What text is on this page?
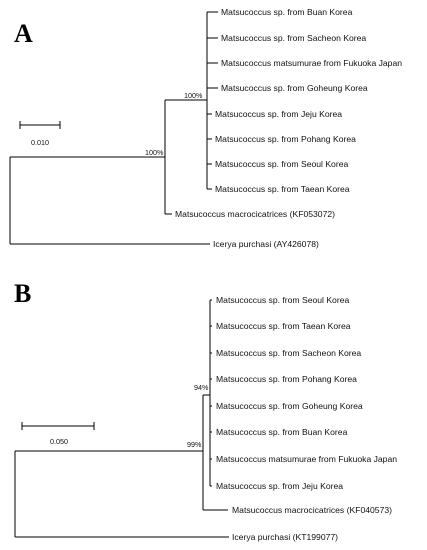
A
0.010
100%
100%
Matsucoccus sp. from Buan Korea
Matsucoccus sp. from Sacheon Korea
Matsucoccus matsumurae from Fukuoka Japan
Matsucoccus sp. from Goheung Korea
Matsucoccus sp. from Jeju Korea
Matsucoccus sp. from Pohang Korea
Matsucoccus sp. from Seoul Korea
Matsucoccus sp. from Taean Korea
Matsucoccus macrocicatrices (KF053072)
Icerya purchasi (AY426078)
B
0.050
94%
99%
Matsucoccus sp. from Seoul Korea
Matsucoccus sp. from Taean Korea
Matsucoccus sp. from Sacheon Korea
Matsucoccus sp. from Pohang Korea
Matsucoccus sp. from Goheung Korea
Matsucoccus sp. from Buan Korea
Matsucoccus matsumurae from Fukuoka Japan
Matsucoccus sp. from Jeju Korea
Matsucoccus macrocicatrices (KF040573)
Icerya purchasi (KT199077)
